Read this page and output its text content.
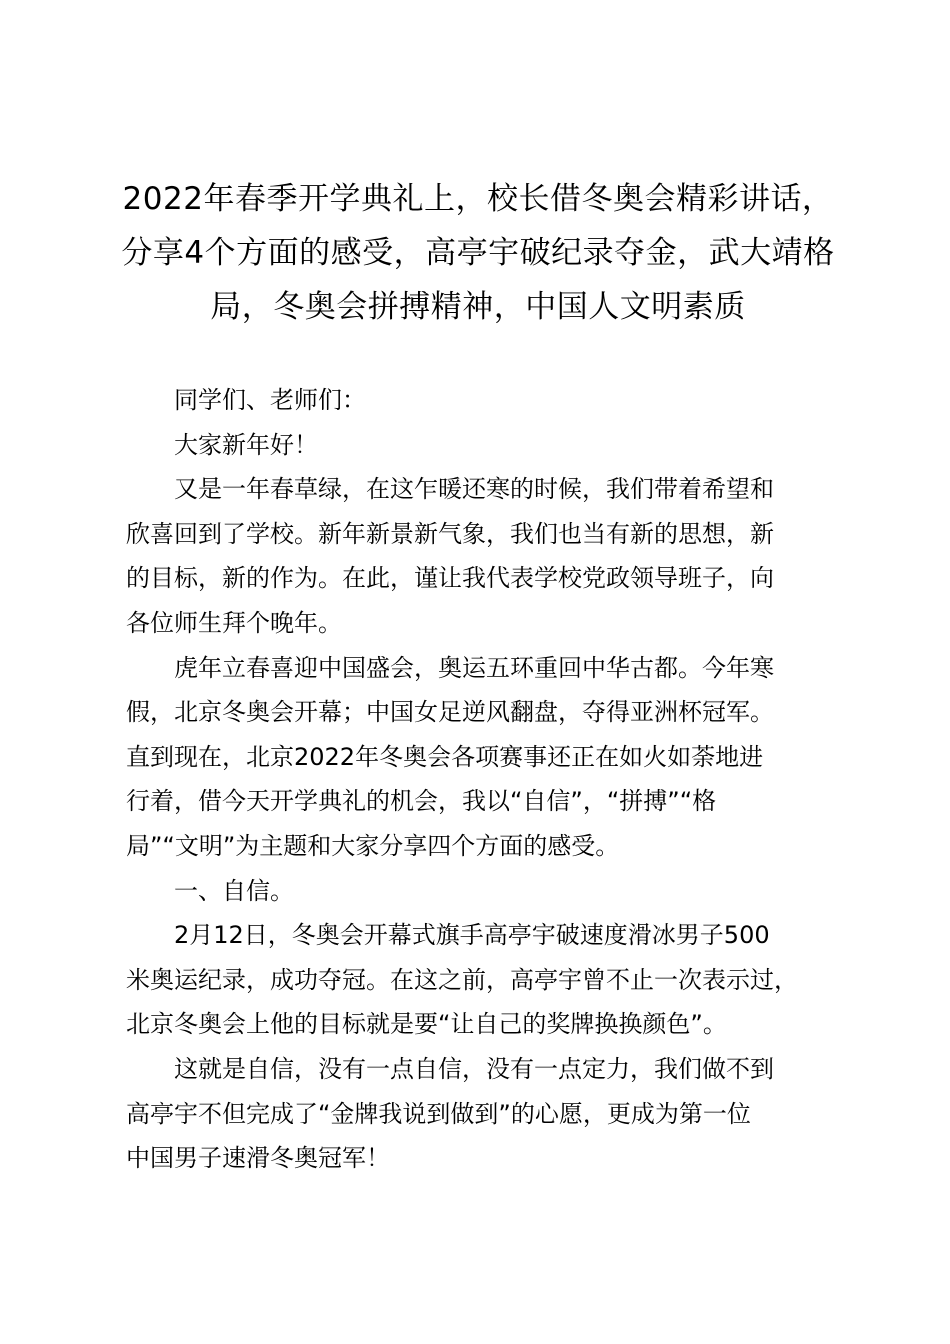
2022年春季开学典礼上，校长借冬奥会精彩讲话，分享4个方面的感受，高亭宇破纪录夺金，武大靖格局，冬奥会拼搏精神，中国人文明素质

同学们、老师们：

大家新年好！

又是一年春草绿，在这乍暖还寒的时候，我们带着希望和
欣喜回到了学校。新年新景新气象，我们也当有新的思想，新
的目标，新的作为。在此，谨让我代表学校党政领导班子，向
各位师生拜个晚年。

虎年立春喜迎中国盛会，奥运五环重回中华古都。今年寒
假，北京冬奥会开幕；中国女足逆风翻盘，夺得亚洲杯冠军。
直到现在，北京2022年冬奥会各项赛事还正在如火如荼地进
行着，借今天开学典礼的机会，我以“自信”，“拼搏”“格
局”“文明”为主题和大家分享四个方面的感受。

一、自信。

2月12日，冬奥会开幕式旗手高亭宇破速度滑冰男子500
米奥运纪录，成功夺冠。在这之前，高亭宇曾不止一次表示过，
北京冬奥会上他的目标就是要“让自己的奖牌换换颜色”。

这就是自信，没有一点自信，没有一点定力，我们做不到
高亭宇不但完成了“金牌我说到做到”的心愿，更成为第一位
中国男子速滑冬奥冠军！
